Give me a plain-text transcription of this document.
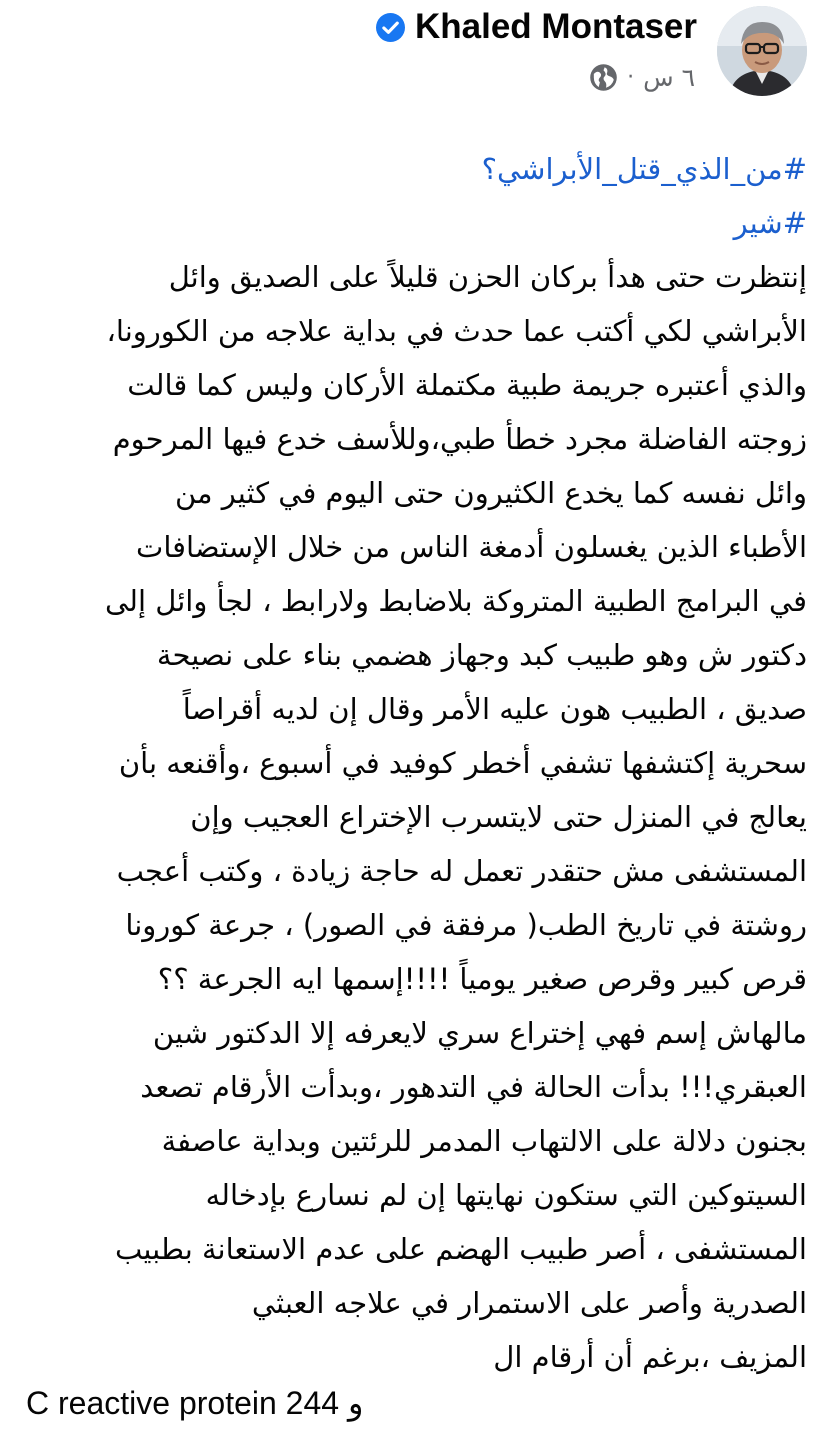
Khaled Montaser
٦ س
·
#من_الذي_قتل_الأبراشي؟
#شير
إنتظرت حتى هدأ بركان الحزن قليلاً على الصديق وائل
الأبراشي لكي أكتب عما حدث في بداية علاجه من الكورونا،
والذي أعتبره جريمة طبية مكتملة الأركان وليس كما قالت
زوجته الفاضلة مجرد خطأ طبي،وللأسف خدع فيها المرحوم
وائل نفسه كما يخدع الكثيرون حتى اليوم في كثير من
الأطباء الذين يغسلون أدمغة الناس من خلال الإستضافات
في البرامج الطبية المتروكة بلاضابط ولارابط ، لجأ وائل إلى
دكتور ش وهو طبيب كبد وجهاز هضمي بناء على نصيحة
صديق ، الطبيب هون عليه الأمر وقال إن لديه أقراصاً
سحرية إكتشفها تشفي أخطر كوفيد في أسبوع ،وأقنعه بأن
يعالج في المنزل حتى لايتسرب الإختراع العجيب وإن
المستشفى مش حتقدر تعمل له حاجة زيادة ، وكتب أعجب
روشتة في تاريخ الطب( مرفقة في الصور) ، جرعة كورونا
قرص كبير وقرص صغير يومياً !!!!إسمها ايه الجرعة ؟؟
مالهاش إسم فهي إختراع سري لايعرفه إلا الدكتور شين
العبقري!!! بدأت الحالة في التدهور ،وبدأت الأرقام تصعد
بجنون دلالة على الالتهاب المدمر للرئتين وبداية عاصفة
السيتوكين التي ستكون نهايتها إن لم نسارع بإدخاله
المستشفى ، أصر طبيب الهضم على عدم الاستعانة بطبيب
الصدرية وأصر على الاستمرار في علاجه العبثي
المزيف ،برغم أن أرقام ال
C reactive protein 244 و
